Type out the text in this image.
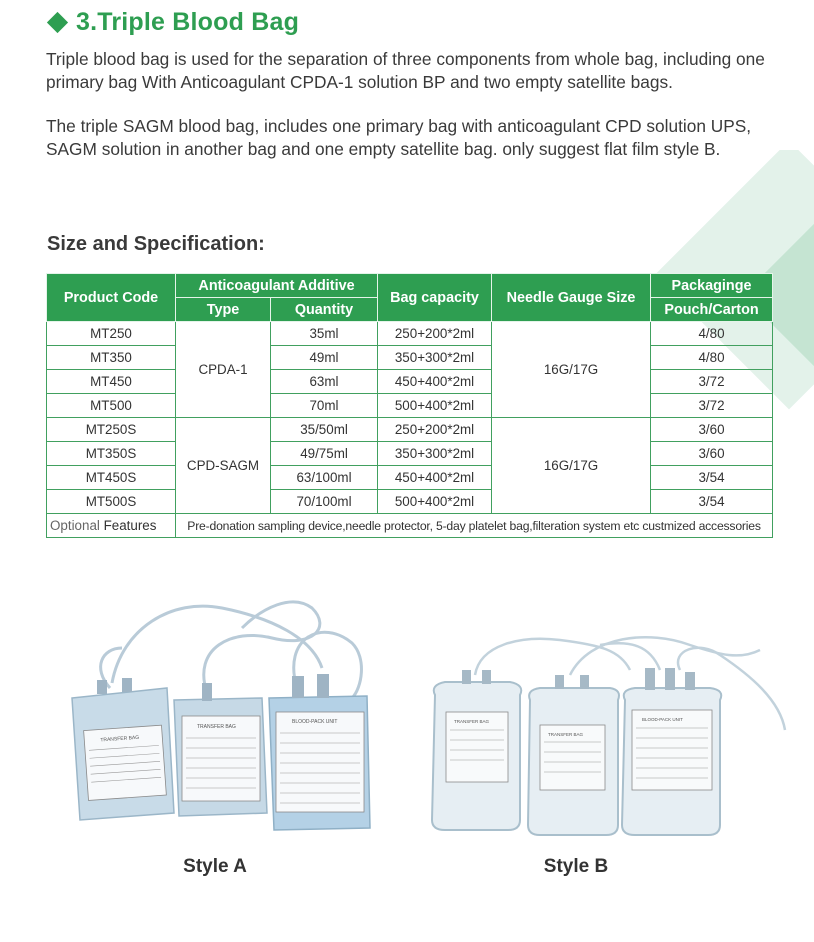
3.Triple Blood Bag

Triple blood bag is used for the separation of three components from whole bag, including one primary bag With Anticoagulant CPDA-1 solution BP and two empty satellite bags.

The triple SAGM blood bag, includes one primary bag with anticoagulant CPD solution UPS, SAGM solution in another bag and one empty satellite bag. only suggest flat film style B.

Size and Specification:
Product Code	Anticoagulant Additive		Bag capacity	Needle Gauge Size	Packaginge
	Type	Quantity			Pouch/Carton
MT250	CPDA-1	35ml	250+200*2ml	16G/17G	4/80
MT350		49ml	350+300*2ml		4/80
MT450		63ml	450+400*2ml		3/72
MT500		70ml	500+400*2ml		3/72
MT250S	CPD-SAGM	35/50ml	250+200*2ml	16G/17G	3/60
MT350S		49/75ml	350+300*2ml		3/60
MT450S		63/100ml	450+400*2ml		3/54
MT500S		70/100ml	500+400*2ml		3/54
Optional Features	Pre-donation sampling device,needle protector, 5-day platelet bag,filteration system etc custmized accessories				
TRANSFER BAG
TRANSFER BAG
BLOOD-PACK UNIT
Style A
TRANSFER BAG
TRANSFER BAG
BLOOD-PACK UNIT
Style B
